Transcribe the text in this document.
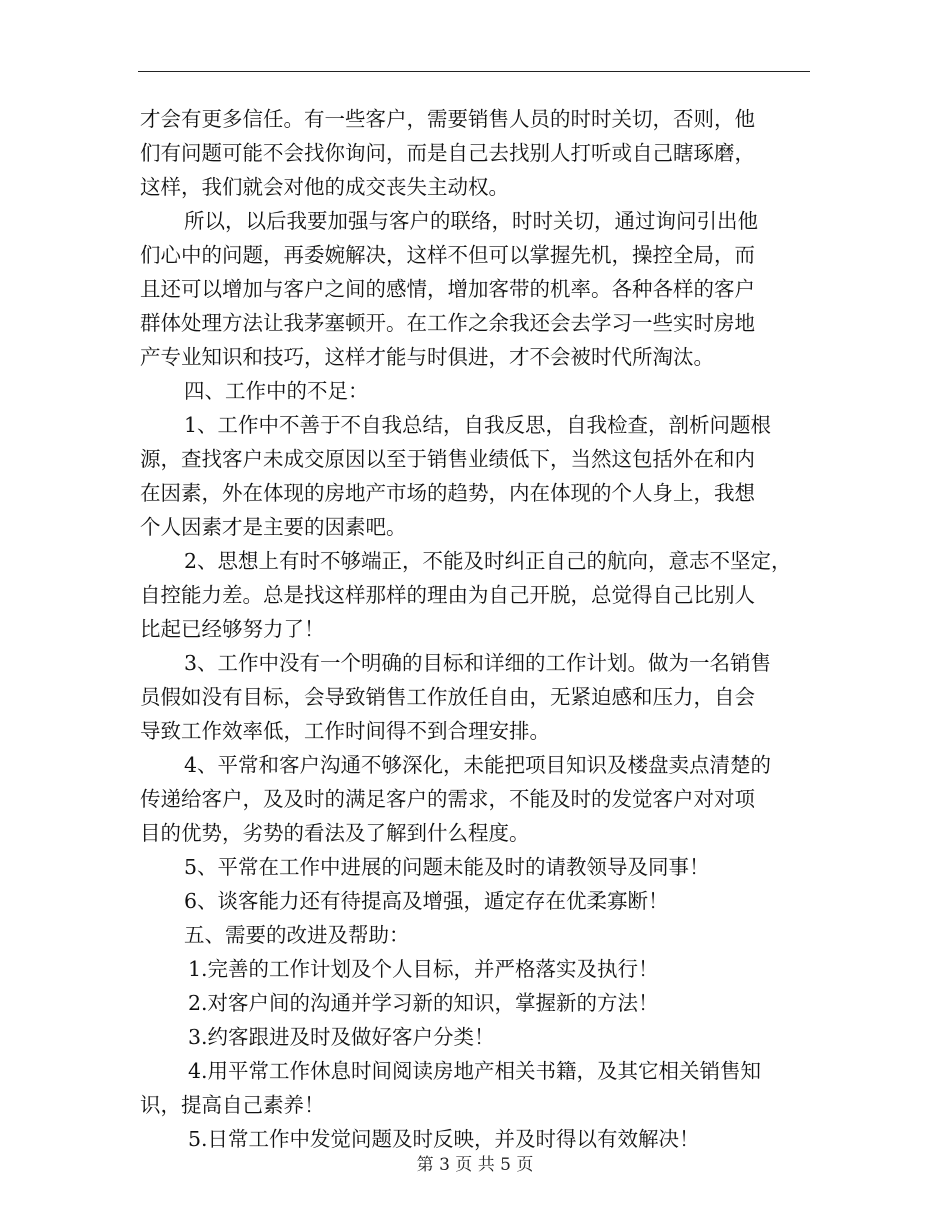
才会有更多信任。有一些客户，需要销售人员的时时关切，否则，他
们有问题可能不会找你询问，而是自己去找别人打听或自己瞎琢磨，
这样，我们就会对他的成交丧失主动权。
所以，以后我要加强与客户的联络，时时关切，通过询问引出他
们心中的问题，再委婉解决，这样不但可以掌握先机，操控全局，而
且还可以增加与客户之间的感情，增加客带的机率。各种各样的客户
群体处理方法让我茅塞顿开。在工作之余我还会去学习一些实时房地
产专业知识和技巧，这样才能与时俱进，才不会被时代所淘汰。
四、工作中的不足：
1、工作中不善于不自我总结，自我反思，自我检查，剖析问题根
源，查找客户未成交原因以至于销售业绩低下，当然这包括外在和内
在因素，外在体现的房地产市场的趋势，内在体现的个人身上，我想
个人因素才是主要的因素吧。
2、思想上有时不够端正，不能及时纠正自己的航向，意志不坚定，
自控能力差。总是找这样那样的理由为自己开脱，总觉得自己比别人
比起已经够努力了！
3、工作中没有一个明确的目标和详细的工作计划。做为一名销售
员假如没有目标，会导致销售工作放任自由，无紧迫感和压力，自会
导致工作效率低，工作时间得不到合理安排。
4、平常和客户沟通不够深化，未能把项目知识及楼盘卖点清楚的
传递给客户，及及时的满足客户的需求，不能及时的发觉客户对对项
目的优势，劣势的看法及了解到什么程度。
5、平常在工作中进展的问题未能及时的请教领导及同事！
6、谈客能力还有待提高及增强，遁定存在优柔寡断！
五、需要的改进及帮助：
1.完善的工作计划及个人目标，并严格落实及执行！
2.对客户间的沟通并学习新的知识，掌握新的方法！
3.约客跟进及时及做好客户分类！
4.用平常工作休息时间阅读房地产相关书籍，及其它相关销售知
识，提高自己素养！
5.日常工作中发觉问题及时反映，并及时得以有效解决！
第 3 页 共 5 页
